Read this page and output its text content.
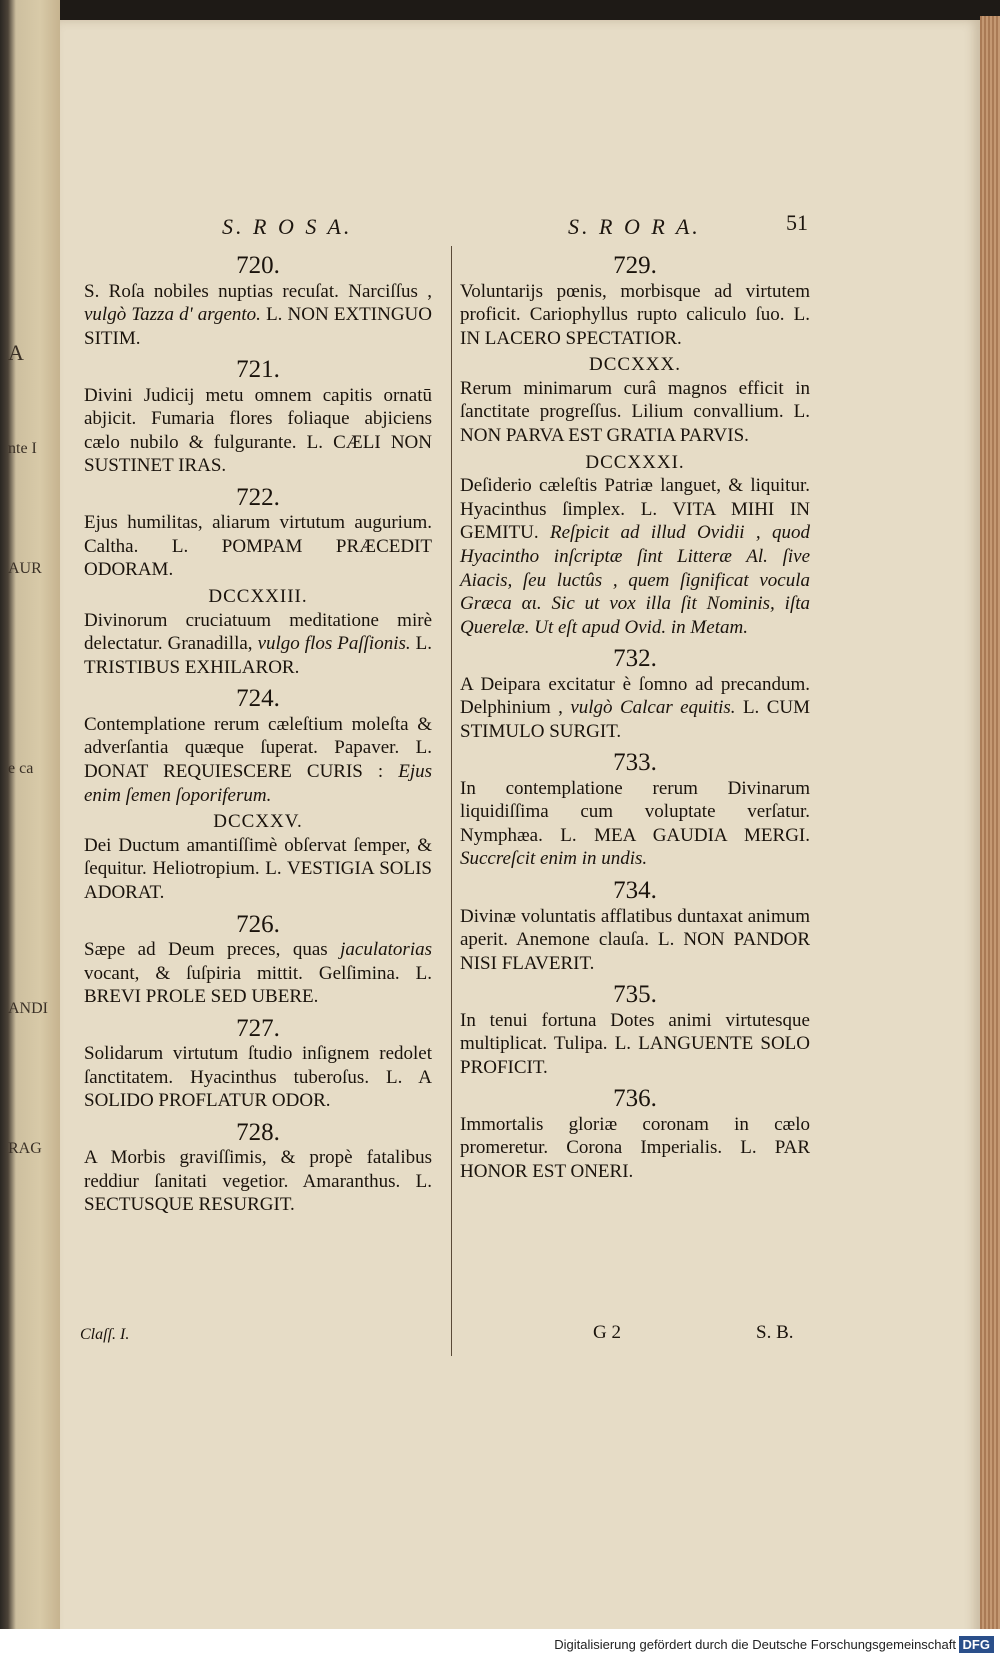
A
nte I
AUR
e ca
ANDI
RAG
S. R O S A.	S. R O R A.	51
720.
S. Roſa nobiles nuptias recuſat. Narciſſus , vulgò Tazza d' argento. L. NON EXTINGUO SITIM.
721.
Divini Judicij metu omnem capitis ornatū abjicit. Fumaria flores foliaque abjiciens cælo nubilo & fulgurante. L. CÆLI NON SUSTINET IRAS.
722.
Ejus humilitas, aliarum virtutum augurium. Caltha. L. POMPAM PRÆCEDIT ODORAM.
DCCXXIII.
Divinorum cruciatuum meditatione mirè delectatur. Granadilla, vulgo flos Paſſionis. L. TRISTIBUS EXHILAROR.
724.
Contemplatione rerum cæleſtium moleſta & adverſantia quæque ſuperat. Papaver. L. DONAT REQUIESCERE CURIS : Ejus enim ſemen ſoporiferum.
DCCXXV.
Dei Ductum amantiſſimè obſervat ſemper, & ſequitur. Heliotropium. L. VESTIGIA SOLIS ADORAT.
726.
Sæpe ad Deum preces, quas jaculatorias vocant, & ſuſpiria mittit. Gelſimina. L. BREVI PROLE SED UBERE.
727.
Solidarum virtutum ſtudio inſignem redolet ſanctitatem. Hyacinthus tuberoſus. L. A SOLIDO PROFLATUR ODOR.
728.
A Morbis graviſſimis, & propè fatalibus reddiur ſanitati vegetior. Amaranthus. L. SECTUSQUE RESURGIT.
729.
Voluntarijs pœnis, morbisque ad virtutem proficit. Cariophyllus rupto caliculo ſuo. L. IN LACERO SPECTATIOR.
DCCXXX.
Rerum minimarum curâ magnos efficit in ſanctitate progreſſus. Lilium convallium. L. NON PARVA EST GRATIA PARVIS.
DCCXXXI.
Deſiderio cæleſtis Patriæ languet, & liquitur. Hyacinthus ſimplex. L. VITA MIHI IN GEMITU. Reſpicit ad illud Ovidii , quod Hyacintho inſcriptæ ſint Litteræ Al. ſive Aiacis, ſeu luctûs , quem ſignificat vocula Græca αι. Sic ut vox illa ſit Nominis, iſta Querelæ. Ut eſt apud Ovid. in Metam.
732.
A Deipara excitatur è ſomno ad precandum. Delphinium , vulgò Calcar equitis. L. CUM STIMULO SURGIT.
733.
In contemplatione rerum Divinarum liquidiſſima cum voluptate verſatur. Nymphæa. L. MEA GAUDIA MERGI. Succreſcit enim in undis.
734.
Divinæ voluntatis afflatibus duntaxat animum aperit. Anemone clauſa. L. NON PANDOR NISI FLAVERIT.
735.
In tenui fortuna Dotes animi virtutesque multiplicat. Tulipa. L. LANGUENTE SOLO PROFICIT.
736.
Immortalis gloriæ coronam in cælo promeretur. Corona Imperialis. L. PAR HONOR EST ONERI.
Claſſ. I.	G 2	S. B.
Digitalisierung gefördert durch die Deutsche Forschungsgemeinschaft DFG
